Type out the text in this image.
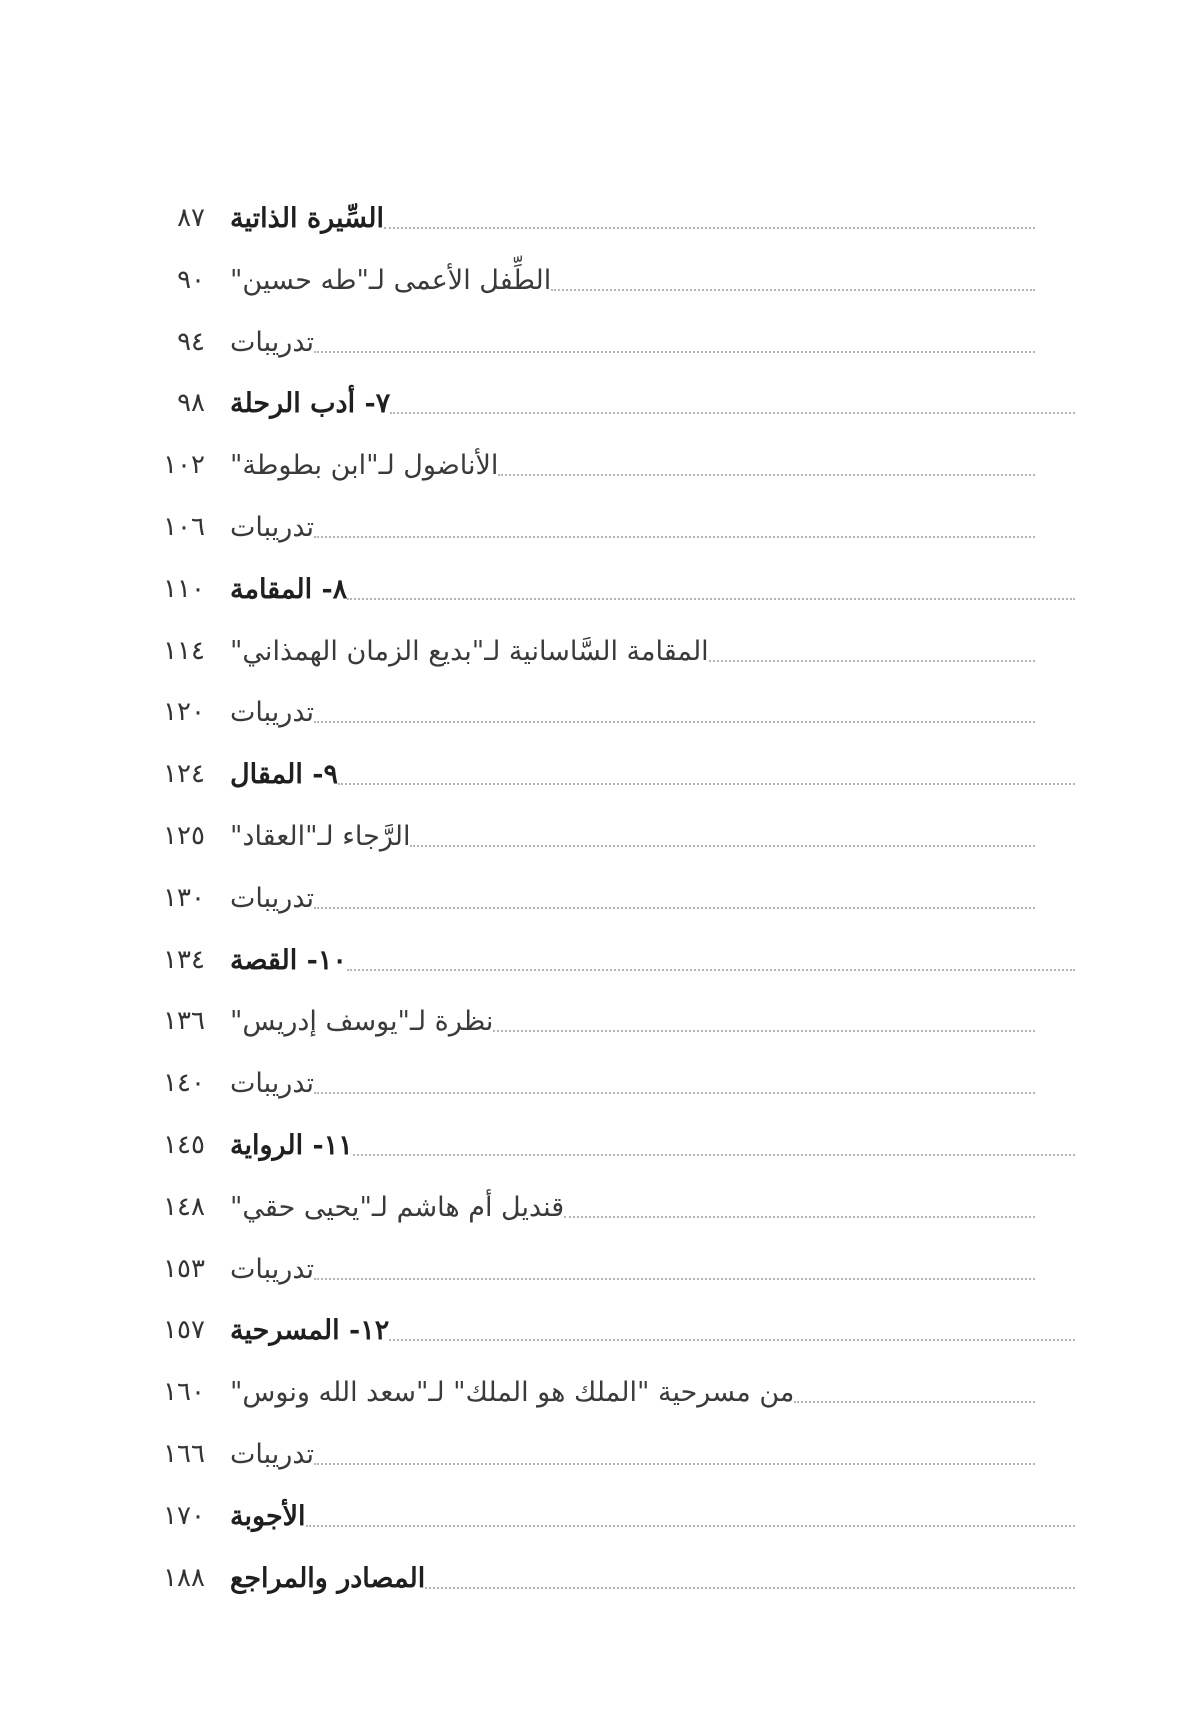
السِّيرة الذاتية
٨٧
الطِّفل الأعمى لـ"طه حسين"
٩٠
تدريبات
٩٤
٧- أدب الرحلة
٩٨
الأناضول لـ"ابن بطوطة"
١٠٢
تدريبات
١٠٦
٨- المقامة
١١٠
المقامة السَّاسانية لـ"بديع الزمان الهمذاني"
١١٤
تدريبات
١٢٠
٩- المقال
١٢٤
الرَّجاء لـ"العقاد"
١٢٥
تدريبات
١٣٠
١٠- القصة
١٣٤
نظرة لـ"يوسف إدريس"
١٣٦
تدريبات
١٤٠
١١- الرواية
١٤٥
قنديل أم هاشم لـ"يحيى حقي"
١٤٨
تدريبات
١٥٣
١٢- المسرحية
١٥٧
من مسرحية "الملك هو الملك" لـ"سعد الله ونوس"
١٦٠
تدريبات
١٦٦
الأجوبة
١٧٠
المصادر والمراجع
١٨٨
